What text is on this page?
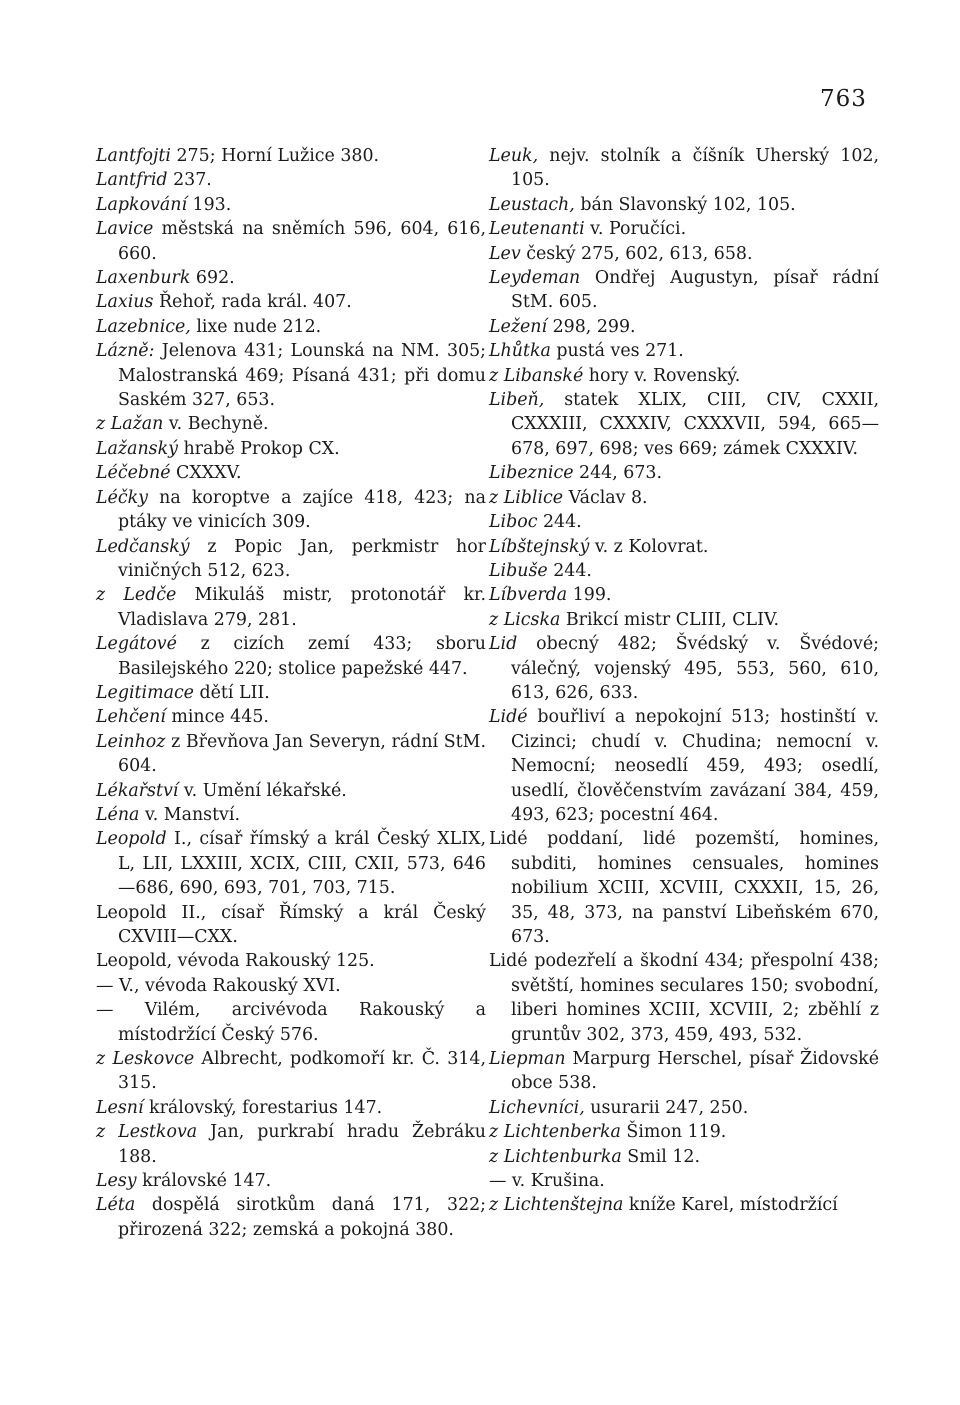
763
Lantfojti 275; Horní Lužice 380.
Lantfrid 237.
Lapkování 193.
Lavice městská na sněmích 596, 604, 616, 660.
Laxenburk 692.
Laxius Řehoř, rada král. 407.
Lazebnice, lixe nude 212.
Lázně: Jelenova 431; Lounská na NM. 305; Malostranská 469; Písaná 431; při domu Saském 327, 653.
z Lažan v. Bechyně.
Lažanský hrabě Prokop CX.
Léčebné CXXXV.
Léčky na koroptve a zajíce 418, 423; na ptáky ve vinicích 309.
Ledčanský z Popic Jan, perkmistr hor viničných 512, 623.
z Ledče Mikuláš mistr, protonotář kr. Vladislava 279, 281.
Legátové z cizích zemí 433; sboru Basilejského 220; stolice papežské 447.
Legitimace dětí LII.
Lehčení mince 445.
Leinhoz z Břevňova Jan Severyn, rádní StM. 604.
Lékařství v. Umění lékařské.
Léna v. Manství.
Leopold I., císař římský a král Český XLIX, L, LII, LXXIII, XCIX, CIII, CXII, 573, 646—686, 690, 693, 701, 703, 715.
Leopold II., císař Římský a král Český CXVIII—CXX.
Leopold, vévoda Rakouský 125.
— V., vévoda Rakouský XVI.
— Vilém, arcivévoda Rakouský a místodržící Český 576.
z Leskovce Albrecht, podkomoří kr. Č. 314, 315.
Lesní královský, forestarius 147.
z Lestkova Jan, purkrabí hradu Žebráku 188.
Lesy královské 147.
Léta dospělá sirotkům daná 171, 322; přirozená 322; zemská a pokojná 380.
Leuk, nejv. stolník a číšník Uherský 102, 105.
Leustach, bán Slavonský 102, 105.
Leutenanti v. Poručíci.
Lev český 275, 602, 613, 658.
Leydeman Ondřej Augustyn, písař rádní StM. 605.
Ležení 298, 299.
Lhůtka pustá ves 271.
z Libanské hory v. Rovenský.
Libeň, statek XLIX, CIII, CIV, CXXII, CXXXIII, CXXXIV, CXXXVII, 594, 665—678, 697, 698; ves 669; zámek CXXXIV.
Libeznice 244, 673.
z Liblice Václav 8.
Liboc 244.
Líbštejnský v. z Kolovrat.
Libuše 244.
Líbverda 199.
z Licska Brikcí mistr CLIII, CLIV.
Lid obecný 482; Švédský v. Švédové; válečný, vojenský 495, 553, 560, 610, 613, 626, 633.
Lidé bouřliví a nepokojní 513; hostinští v. Cizinci; chudí v. Chudina; nemocní v. Nemocní; neosedlí 459, 493; osedlí, usedlí, člověčenstvím zavázaní 384, 459, 493, 623; pocestní 464.
Lidé poddaní, lidé pozemští, homines, subditi, homines censuales, homines nobilium XCIII, XCVIII, CXXXII, 15, 26, 35, 48, 373, na panství Libeňském 670, 673.
Lidé podezřelí a škodní 434; přespolní 438; světští, homines seculares 150; svobodní, liberi homines XCIII, XCVIII, 2; zběhlí z gruntův 302, 373, 459, 493, 532.
Liepman Marpurg Herschel, písař Židovské obce 538.
Lichevníci, usurarii 247, 250.
z Lichtenberka Šimon 119.
z Lichtenburka Smil 12.
— v. Krušina.
z Lichtenštejna kníže Karel, místodržící
